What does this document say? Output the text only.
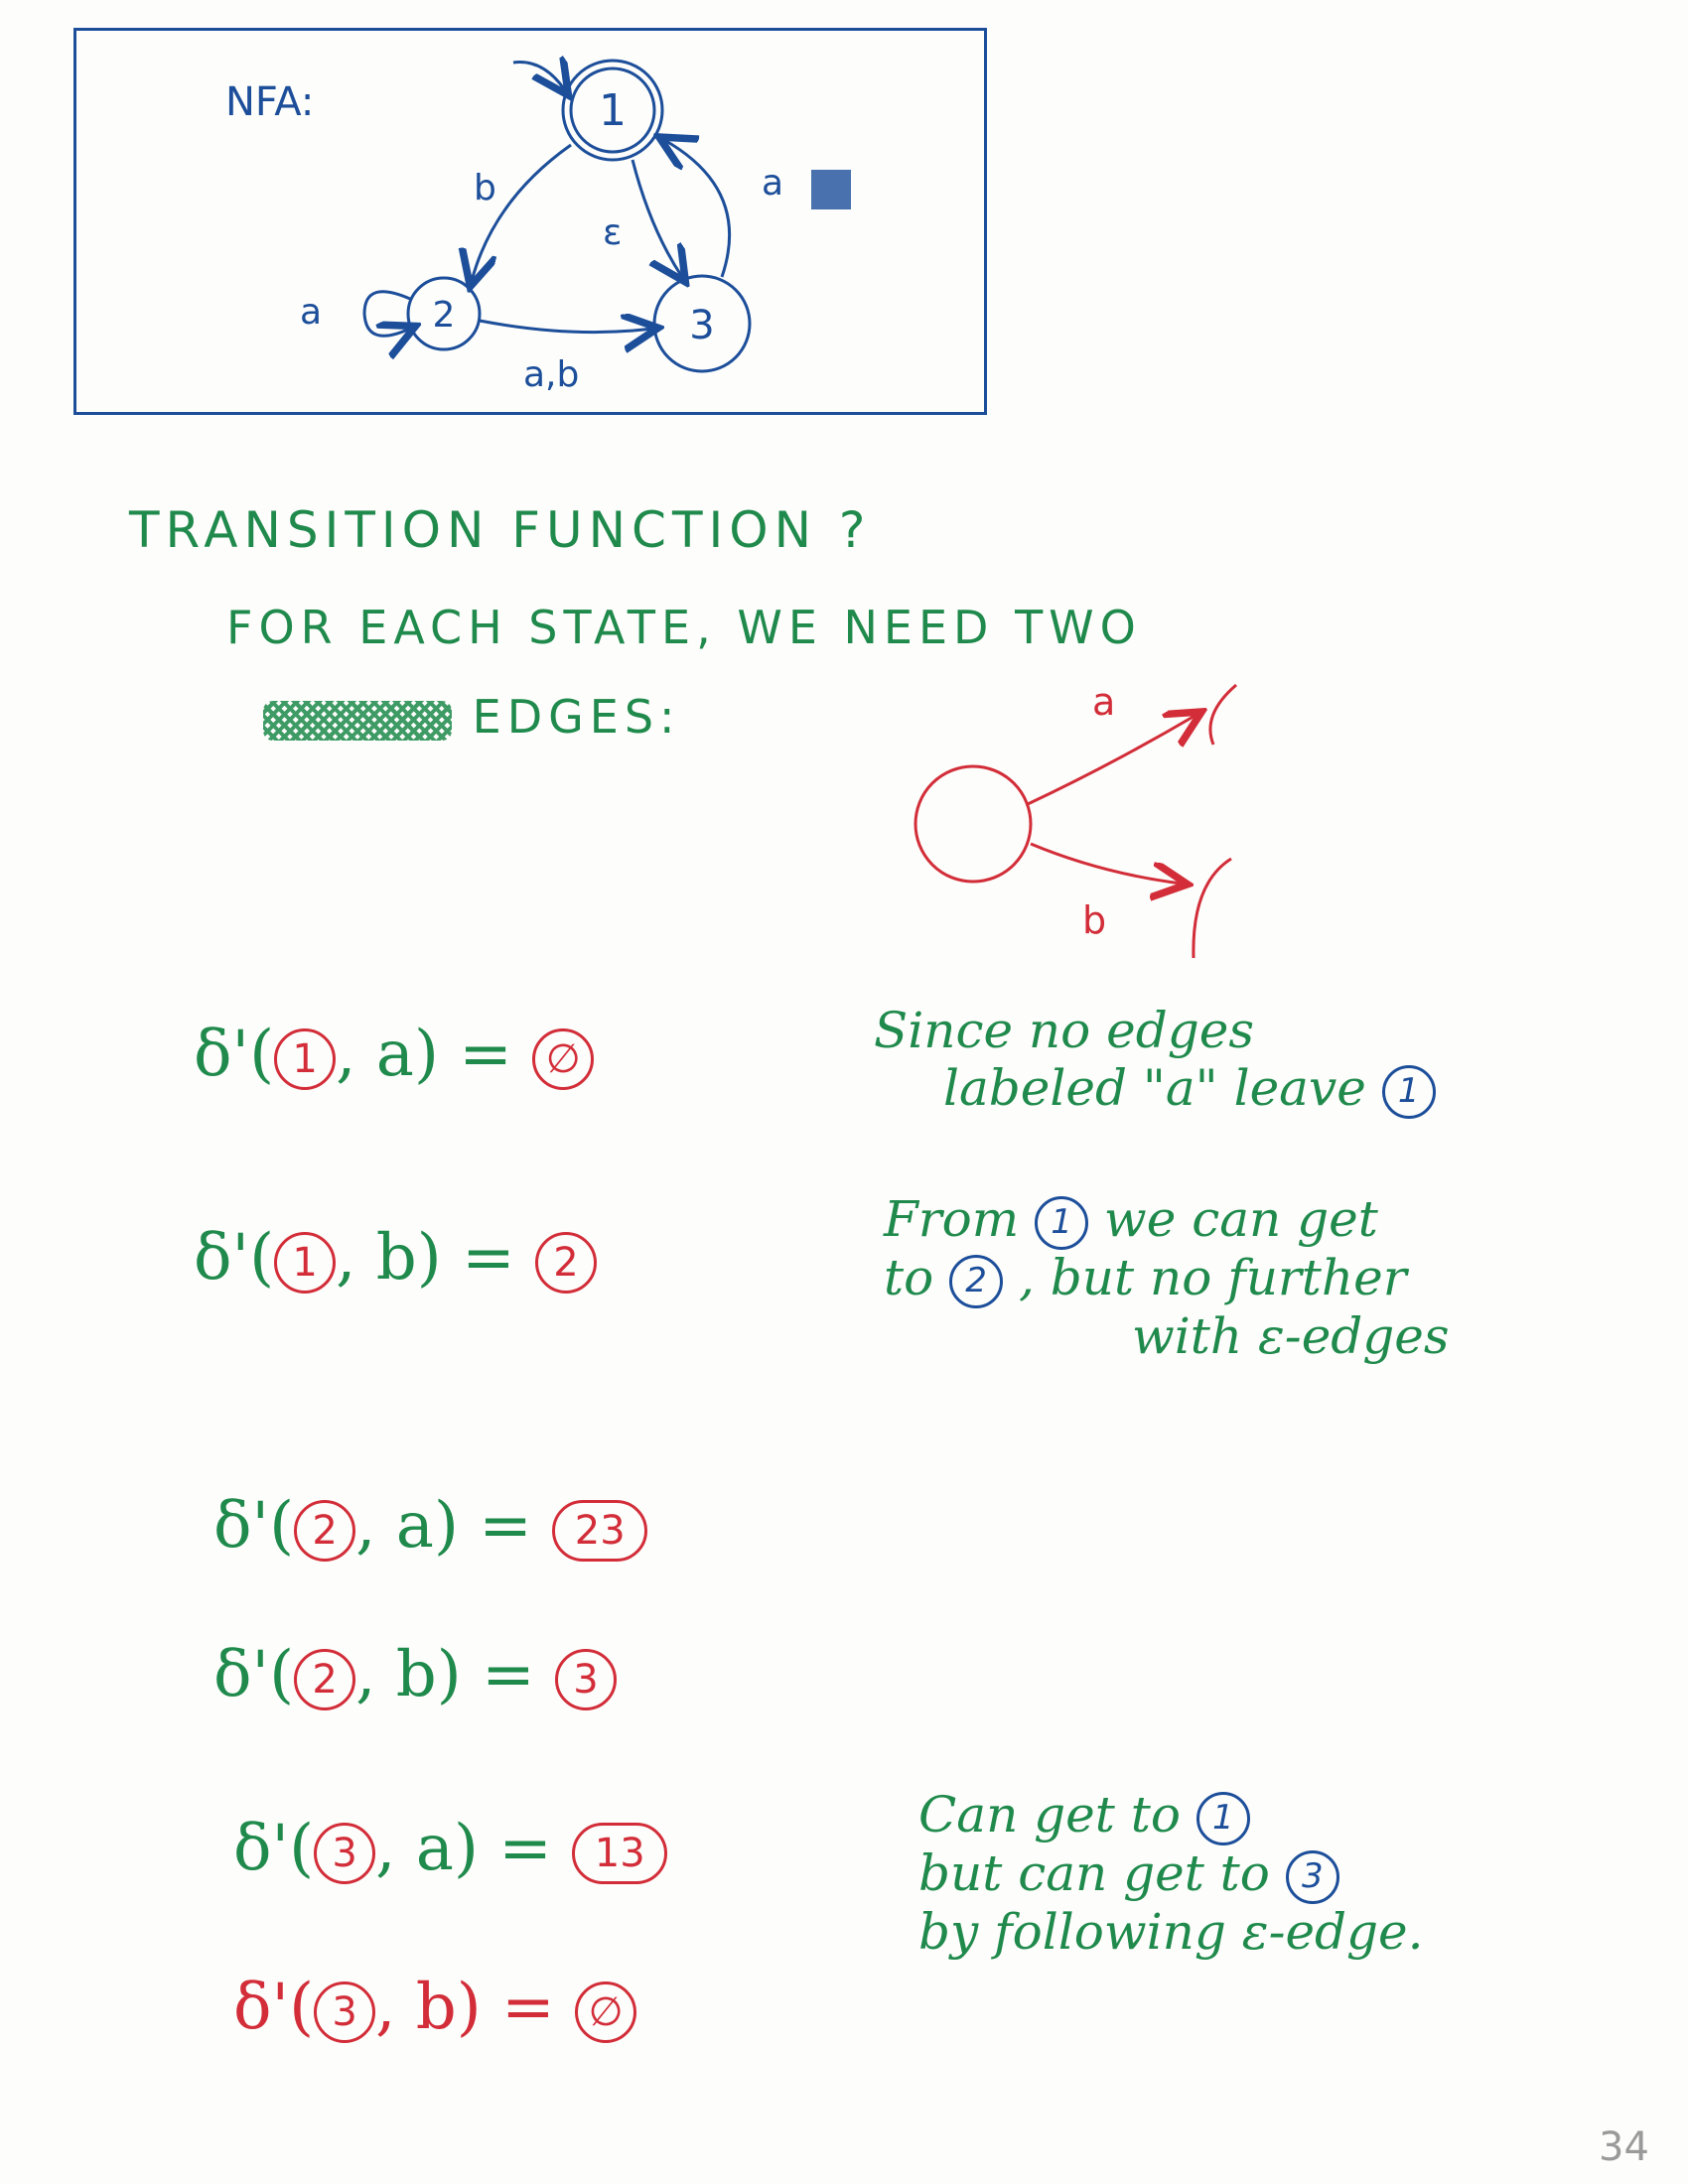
NFA:	1
2	3
b
ε
a
a
a,b
TRANSITION FUNCTION ?
FOR EACH STATE, WE NEED TWO
EDGES:	a
b
δ'( 1 , a) = ∅
δ'( 1 , b) = 2
δ'( 2 , a) = 23
δ'( 2 , b) = 3
δ'( 3 , a) = 13
δ'( 3 , b) = ∅
Since no edges
labeled "a" leave 1
From 1 we can get
to 2 , but no further
with ε-edges
Can get to 1
but can get to 3
by following ε-edge.
34
